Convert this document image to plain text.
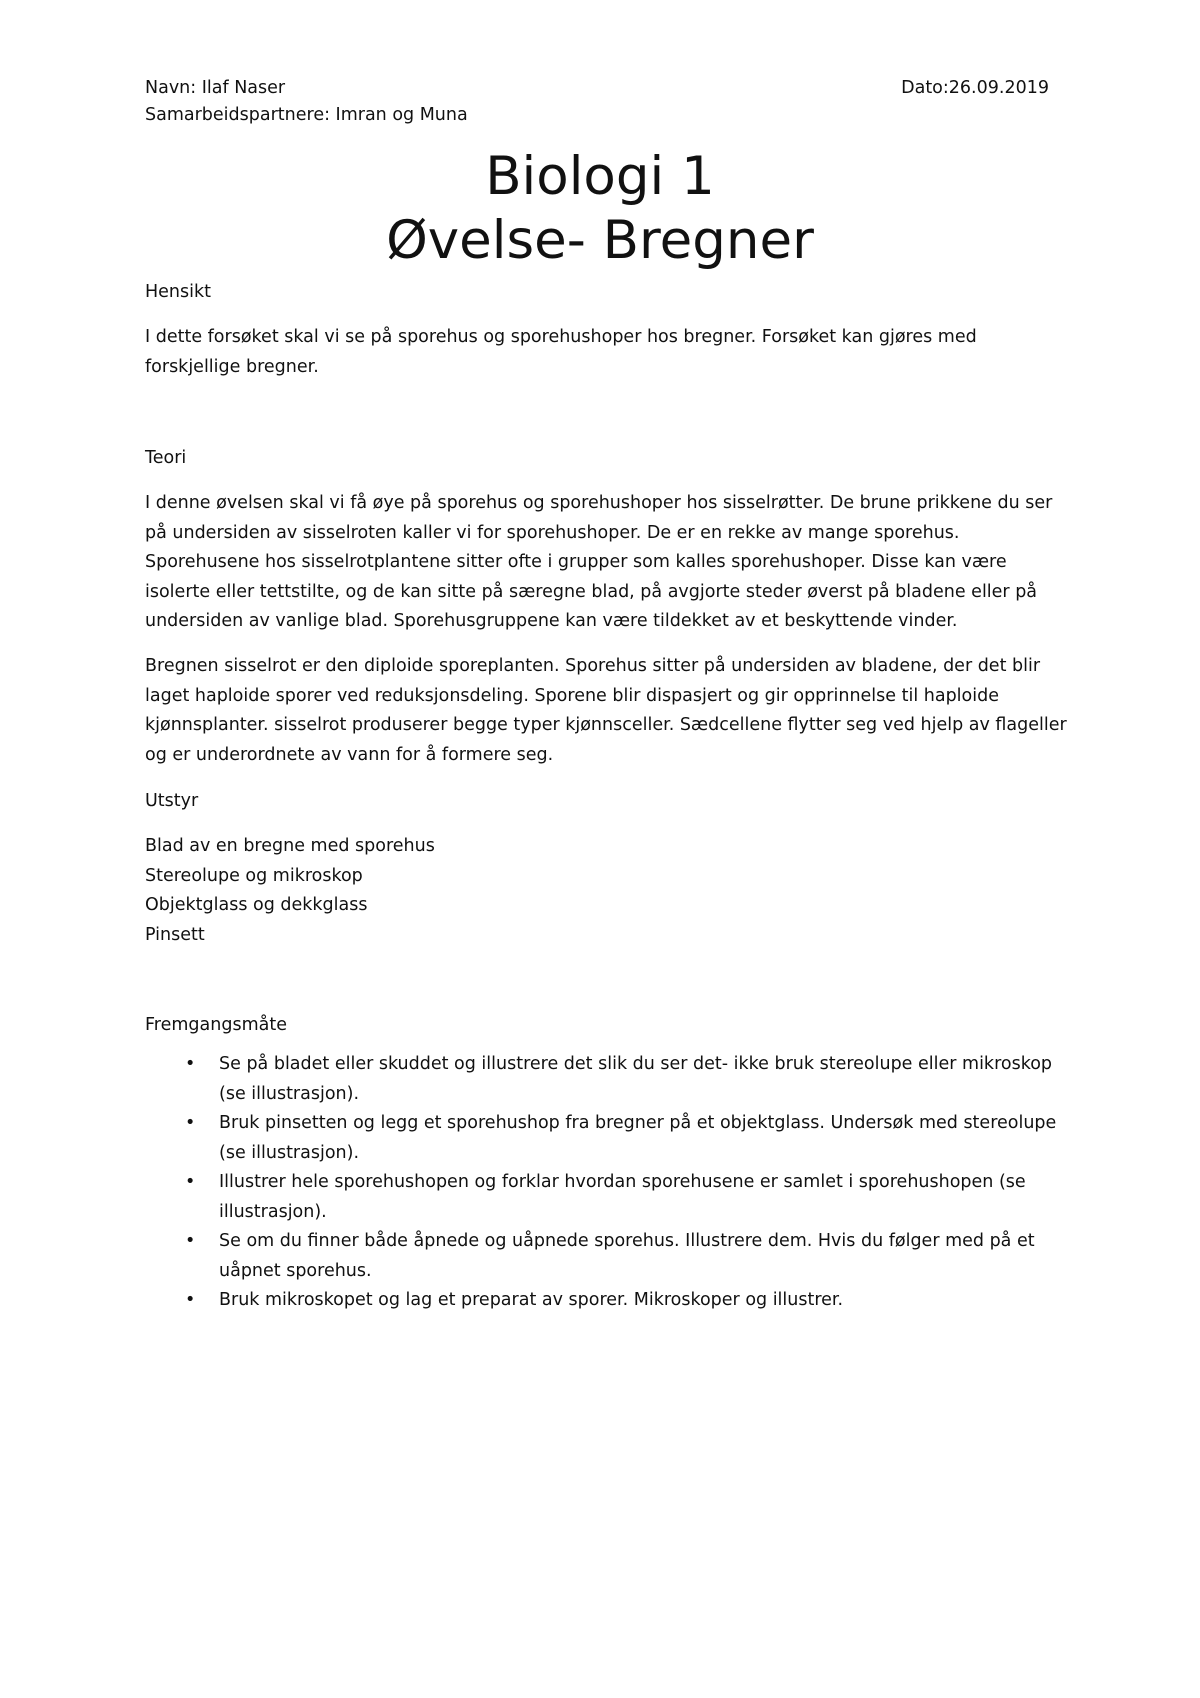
Navn: Ilaf Naser	Dato:26.09.2019
Samarbeidspartnere: Imran og Muna
Biologi 1
Øvelse- Bregner
Hensikt

I dette forsøket skal vi se på sporehus og sporehushoper hos bregner. Forsøket kan gjøres med forskjellige bregner.

Teori

I denne øvelsen skal vi få øye på sporehus og sporehushoper hos sisselrøtter. De brune prikkene du ser på undersiden av sisselroten kaller vi for sporehushoper. De er en rekke av mange sporehus. Sporehusene hos sisselrotplantene sitter ofte i grupper som kalles sporehushoper. Disse kan være isolerte eller tettstilte, og de kan sitte på særegne blad, på avgjorte steder øverst på bladene eller på undersiden av vanlige blad. Sporehusgruppene kan være tildekket av et beskyttende vinder.

Bregnen sisselrot er den diploide sporeplanten. Sporehus sitter på undersiden av bladene, der det blir laget haploide sporer ved reduksjonsdeling. Sporene blir dispasjert og gir opprinnelse til haploide kjønnsplanter. sisselrot produserer begge typer kjønnsceller. Sædcellene flytter seg ved hjelp av flageller og er underordnete av vann for å formere seg.

Utstyr
Blad av en bregne med sporehus
Stereolupe og mikroskop
Objektglass og dekkglass
Pinsett
Fremgangsmåte
• Se på bladet eller skuddet og illustrere det slik du ser det- ikke bruk stereolupe eller mikroskop (se illustrasjon).
• Bruk pinsetten og legg et sporehushop fra bregner på et objektglass. Undersøk med stereolupe (se illustrasjon).
• Illustrer hele sporehushopen og forklar hvordan sporehusene er samlet i sporehushopen (se illustrasjon).
• Se om du finner både åpnede og uåpnede sporehus. Illustrere dem. Hvis du følger med på et uåpnet sporehus.
• Bruk mikroskopet og lag et preparat av sporer. Mikroskoper og illustrer.
